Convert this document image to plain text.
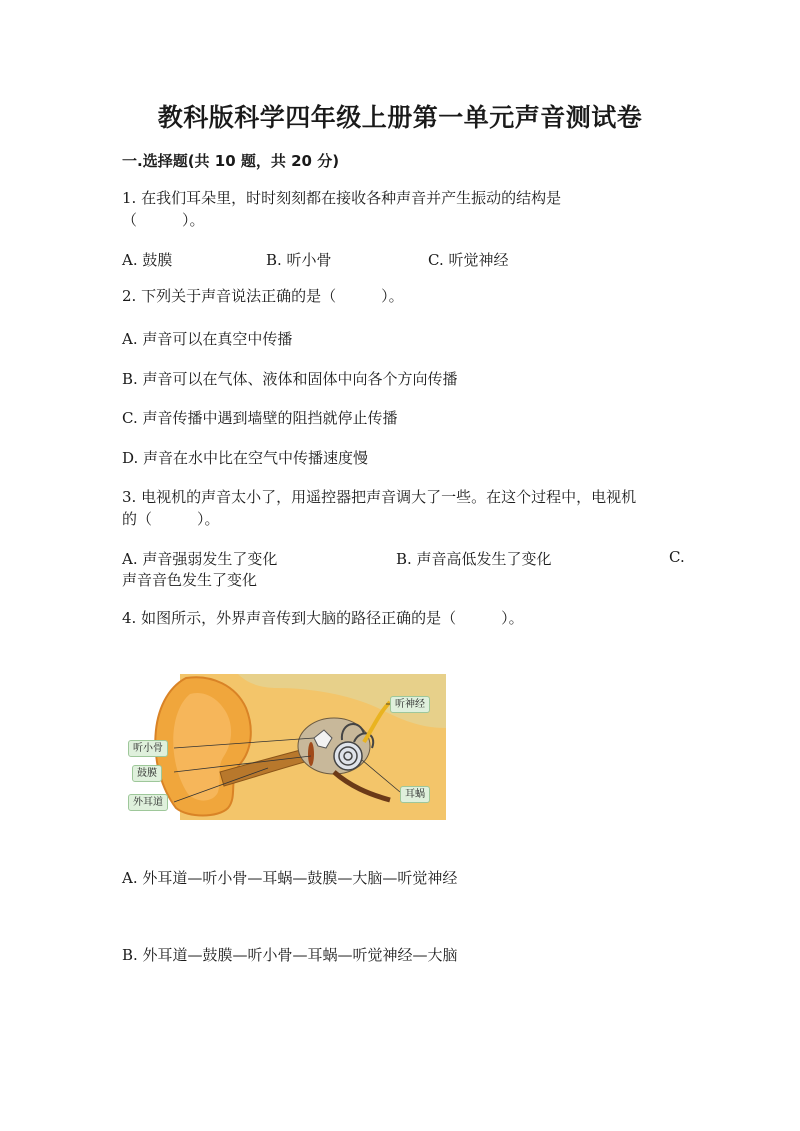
教科版科学四年级上册第一单元声音测试卷
一.选择题(共 10 题，共 20 分)
1. 在我们耳朵里，时时刻刻都在接收各种声音并产生振动的结构是
（　　　）。
A. 鼓膜	B. 听小骨	C. 听觉神经
2. 下列关于声音说法正确的是（　　　）。
A. 声音可以在真空中传播
B. 声音可以在气体、液体和固体中向各个方向传播
C. 声音传播中遇到墙壁的阻挡就停止传播
D. 声音在水中比在空气中传播速度慢
3. 电视机的声音太小了，用遥控器把声音调大了一些。在这个过程中，电视机
的（　　　）。
A. 声音强弱发生了变化	B. 声音高低发生了变化	C.
声音音色发生了变化
4. 如图所示，外界声音传到大脑的路径正确的是（　　　）。
听神经
听小骨
鼓膜
外耳道
耳蜗
A. 外耳道—听小骨—耳蜗—鼓膜—大脑—听觉神经
B. 外耳道—鼓膜—听小骨—耳蜗—听觉神经—大脑
